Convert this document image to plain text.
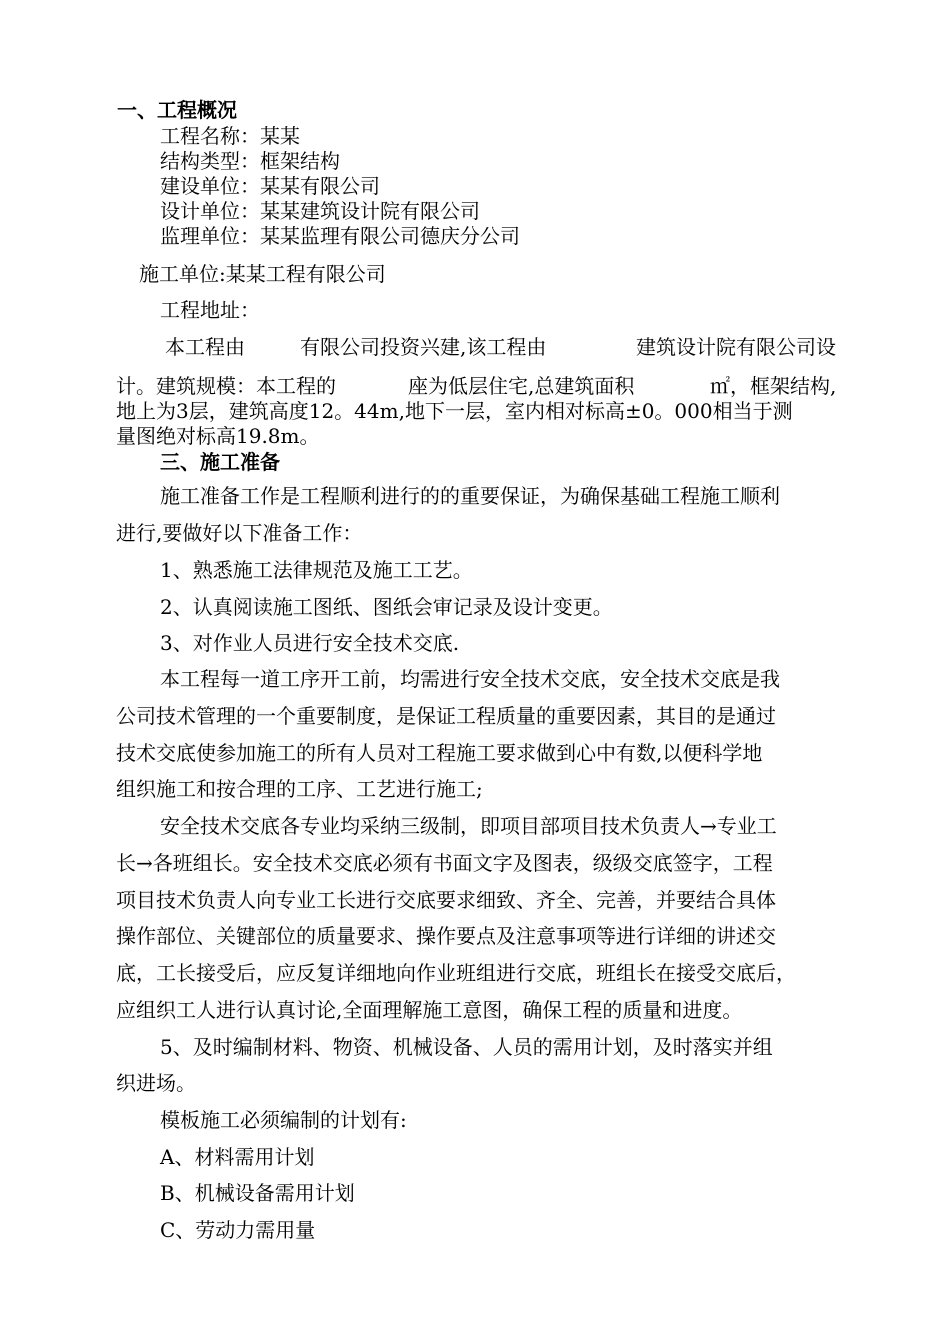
一、工程概况
工程名称：某某
结构类型：框架结构
建设单位：某某有限公司
设计单位：某某建筑设计院有限公司
监理单位：某某监理有限公司德庆分公司
施工单位:某某工程有限公司
工程地址：
本工程由	有限公司投资兴建,该工程由	建筑设计院有限公司设
计。建筑规模：本工程的	座为低层住宅,总建筑面积	㎡，框架结构,
地上为3层，建筑高度12。44m,地下一层，室内相对标高±0。000相当于测
量图绝对标高19.8m。
三、施工准备
施工准备工作是工程顺利进行的的重要保证，为确保基础工程施工顺利
进行,要做好以下准备工作：
1、熟悉施工法律规范及施工工艺。
2、认真阅读施工图纸、图纸会审记录及设计变更。
3、对作业人员进行安全技术交底.
本工程每一道工序开工前，均需进行安全技术交底，安全技术交底是我
公司技术管理的一个重要制度，是保证工程质量的重要因素，其目的是通过
技术交底使参加施工的所有人员对工程施工要求做到心中有数,以便科学地
组织施工和按合理的工序、工艺进行施工;
安全技术交底各专业均采纳三级制，即项目部项目技术负责人→专业工
长→各班组长。安全技术交底必须有书面文字及图表，级级交底签字，工程
项目技术负责人向专业工长进行交底要求细致、齐全、完善，并要结合具体
操作部位、关键部位的质量要求、操作要点及注意事项等进行详细的讲述交
底，工长接受后，应反复详细地向作业班组进行交底，班组长在接受交底后，
应组织工人进行认真讨论,全面理解施工意图，确保工程的质量和进度。
5、及时编制材料、物资、机械设备、人员的需用计划，及时落实并组
织进场。
模板施工必须编制的计划有:
A、材料需用计划
B、机械设备需用计划
C、劳动力需用量
